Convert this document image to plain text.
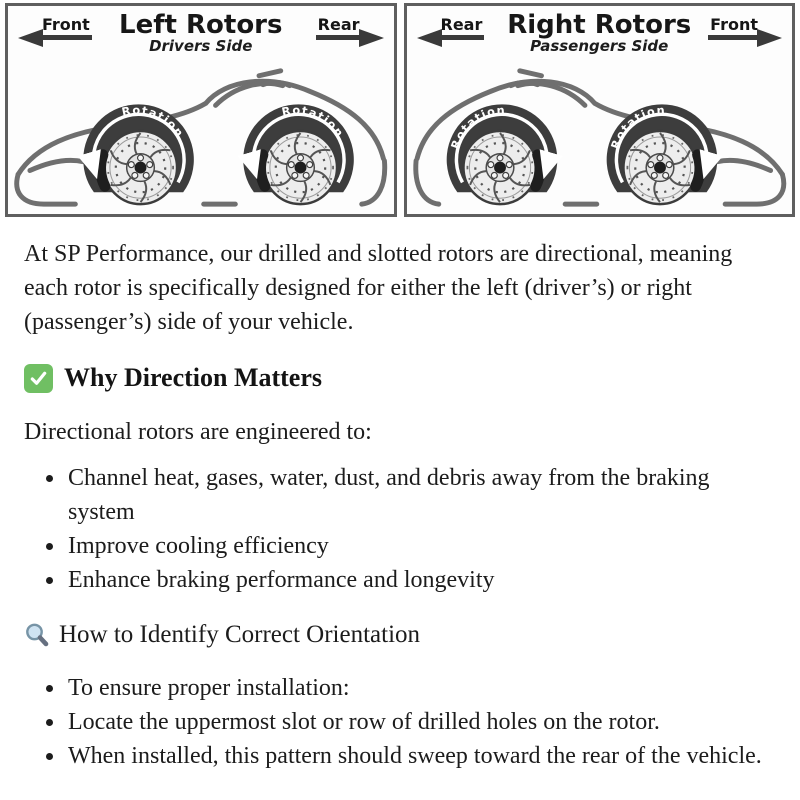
Front	Left Rotors
Drivers Side
Rear
Rotation
Rotation
Rear Right Rotors
Passengers Side
Front
Rotation
Rotation

At SP Performance, our drilled and slotted rotors are directional, meaning each rotor is specifically designed for either the left (driver’s) or right (passenger’s) side of your vehicle.

Why Direction Matters

Directional rotors are engineered to:

• Channel heat, gases, water, dust, and debris away from the braking system
• Improve cooling efficiency
• Enhance braking performance and longevity
How to Identify Correct Orientation
• To ensure proper installation:
• Locate the uppermost slot or row of drilled holes on the rotor.
• When installed, this pattern should sweep toward the rear of the vehicle.
